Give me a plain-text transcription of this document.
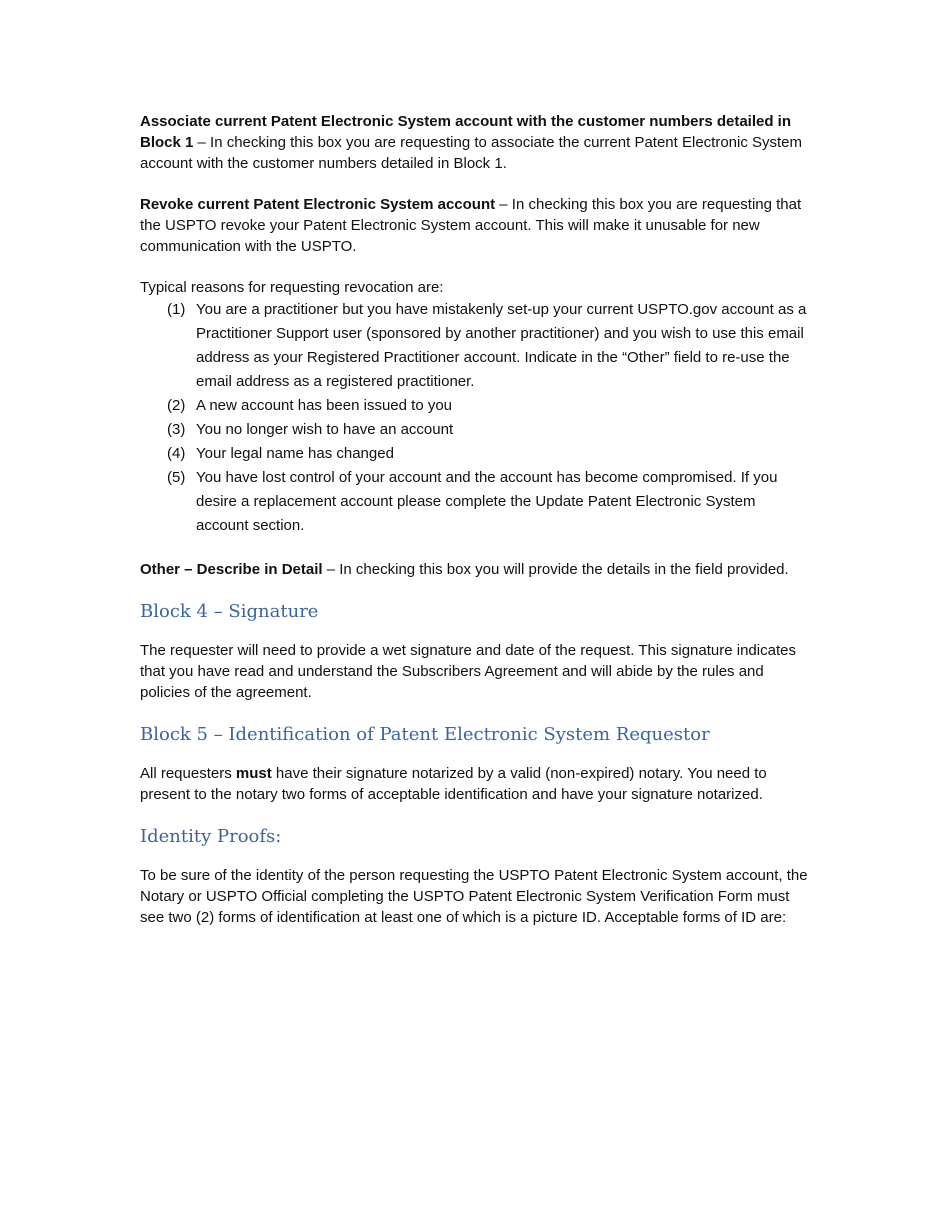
Associate current Patent Electronic System account with the customer numbers detailed in Block 1 – In checking this box you are requesting to associate the current Patent Electronic System account with the customer numbers detailed in Block 1.

Revoke current Patent Electronic System account – In checking this box you are requesting that the USPTO revoke your Patent Electronic System account. This will make it unusable for new communication with the USPTO.

Typical reasons for requesting revocation are:

(1) You are a practitioner but you have mistakenly set-up your current USPTO.gov account as a Practitioner Support user (sponsored by another practitioner) and you wish to use this email address as your Registered Practitioner account. Indicate in the “Other” field to re-use the email address as a registered practitioner.
(2) A new account has been issued to you
(3) You no longer wish to have an account
(4) Your legal name has changed
(5) You have lost control of your account and the account has become compromised. If you desire a replacement account please complete the Update Patent Electronic System account section.

Other – Describe in Detail – In checking this box you will provide the details in the field provided.

Block 4 – Signature

The requester will need to provide a wet signature and date of the request. This signature indicates that you have read and understand the Subscribers Agreement and will abide by the rules and policies of the agreement.

Block 5 – Identification of Patent Electronic System Requestor

All requesters must have their signature notarized by a valid (non-expired) notary. You need to present to the notary two forms of acceptable identification and have your signature notarized.

Identity Proofs:

To be sure of the identity of the person requesting the USPTO Patent Electronic System account, the Notary or USPTO Official completing the USPTO Patent Electronic System Verification Form must see two (2) forms of identification at least one of which is a picture ID. Acceptable forms of ID are:
